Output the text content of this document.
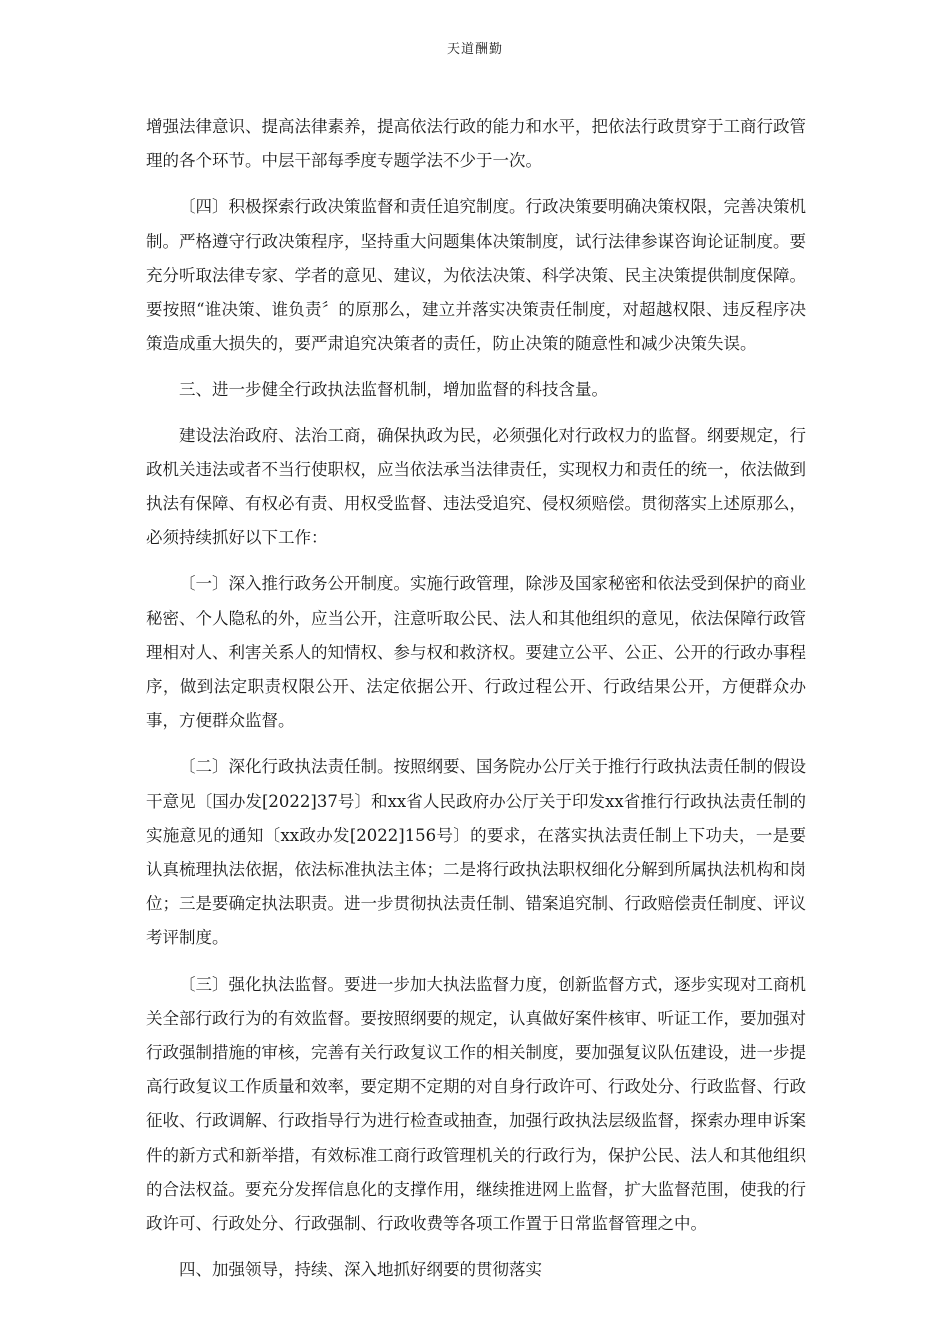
天道酬勤

增强法律意识、提高法律素养，提高依法行政的能力和水平，把依法行政贯穿于工商行政管理的各个环节。中层干部每季度专题学法不少于一次。

〔四〕积极探索行政决策监督和责任追究制度。行政决策要明确决策权限，完善决策机制。严格遵守行政决策程序，坚持重大问题集体决策制度，试行法律参谋咨询论证制度。要充分听取法律专家、学者的意见、建议，为依法决策、科学决策、民主决策提供制度保障。要按照“谁决策、谁负责〞的原那么，建立并落实决策责任制度，对超越权限、违反程序决策造成重大损失的，要严肃追究决策者的责任，防止决策的随意性和减少决策失误。

三、进一步健全行政执法监督机制，增加监督的科技含量。

建设法治政府、法治工商，确保执政为民，必须强化对行政权力的监督。纲要规定，行政机关违法或者不当行使职权，应当依法承当法律责任，实现权力和责任的统一，依法做到执法有保障、有权必有责、用权受监督、违法受追究、侵权须赔偿。贯彻落实上述原那么，必须持续抓好以下工作：

〔一〕深入推行政务公开制度。实施行政管理，除涉及国家秘密和依法受到保护的商业秘密、个人隐私的外，应当公开，注意听取公民、法人和其他组织的意见，依法保障行政管理相对人、利害关系人的知情权、参与权和救济权。要建立公平、公正、公开的行政办事程序，做到法定职责权限公开、法定依据公开、行政过程公开、行政结果公开，方便群众办事，方便群众监督。

〔二〕深化行政执法责任制。按照纲要、国务院办公厅关于推行行政执法责任制的假设干意见〔国办发[2022]37号〕和xx省人民政府办公厅关于印发xx省推行行政执法责任制的实施意见的通知〔xx政办发[2022]156号〕的要求，在落实执法责任制上下功夫，一是要认真梳理执法依据，依法标准执法主体；二是将行政执法职权细化分解到所属执法机构和岗位；三是要确定执法职责。进一步贯彻执法责任制、错案追究制、行政赔偿责任制度、评议考评制度。

〔三〕强化执法监督。要进一步加大执法监督力度，创新监督方式，逐步实现对工商机关全部行政行为的有效监督。要按照纲要的规定，认真做好案件核审、听证工作，要加强对行政强制措施的审核，完善有关行政复议工作的相关制度，要加强复议队伍建设，进一步提高行政复议工作质量和效率，要定期不定期的对自身行政许可、行政处分、行政监督、行政征收、行政调解、行政指导行为进行检查或抽查，加强行政执法层级监督，探索办理申诉案件的新方式和新举措，有效标准工商行政管理机关的行政行为，保护公民、法人和其他组织的合法权益。要充分发挥信息化的支撑作用，继续推进网上监督，扩大监督范围，使我的行政许可、行政处分、行政强制、行政收费等各项工作置于日常监督管理之中。

四、加强领导，持续、深入地抓好纲要的贯彻落实
